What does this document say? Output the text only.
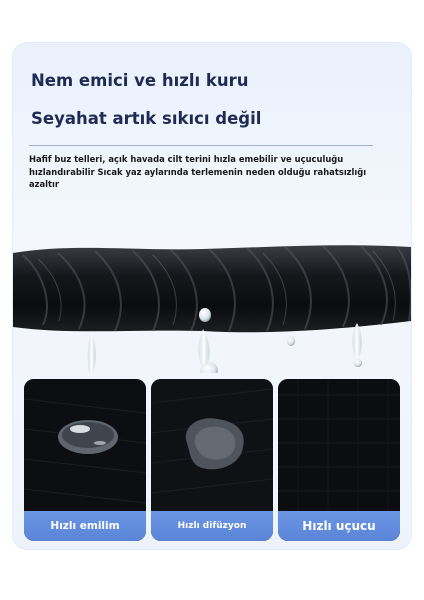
Nem emici ve hızlı kuru
Seyahat artık sıkıcı değil
Hafif buz telleri, açık havada cilt terini hızla emebilir ve uçuculuğu hızlandırabilir Sıcak yaz aylarında terlemenin neden olduğu rahatsızlığı azaltır
Hızlı emilim	Hızlı difüzyon	Hızlı uçucu
